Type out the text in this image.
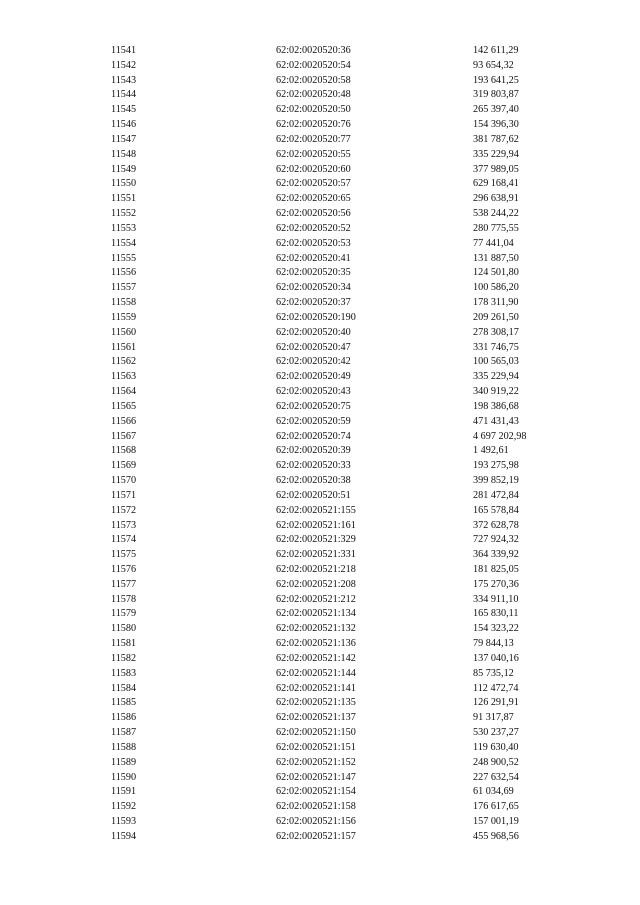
11541	62:02:0020520:36	142 611,29
11542	62:02:0020520:54	93 654,32
11543	62:02:0020520:58	193 641,25
11544	62:02:0020520:48	319 803,87
11545	62:02:0020520:50	265 397,40
11546	62:02:0020520:76	154 396,30
11547	62:02:0020520:77	381 787,62
11548	62:02:0020520:55	335 229,94
11549	62:02:0020520:60	377 989,05
11550	62:02:0020520:57	629 168,41
11551	62:02:0020520:65	296 638,91
11552	62:02:0020520:56	538 244,22
11553	62:02:0020520:52	280 775,55
11554	62:02:0020520:53	77 441,04
11555	62:02:0020520:41	131 887,50
11556	62:02:0020520:35	124 501,80
11557	62:02:0020520:34	100 586,20
11558	62:02:0020520:37	178 311,90
11559	62:02:0020520:190	209 261,50
11560	62:02:0020520:40	278 308,17
11561	62:02:0020520:47	331 746,75
11562	62:02:0020520:42	100 565,03
11563	62:02:0020520:49	335 229,94
11564	62:02:0020520:43	340 919,22
11565	62:02:0020520:75	198 386,68
11566	62:02:0020520:59	471 431,43
11567	62:02:0020520:74	4 697 202,98
11568	62:02:0020520:39	1 492,61
11569	62:02:0020520:33	193 275,98
11570	62:02:0020520:38	399 852,19
11571	62:02:0020520:51	281 472,84
11572	62:02:0020521:155	165 578,84
11573	62:02:0020521:161	372 628,78
11574	62:02:0020521:329	727 924,32
11575	62:02:0020521:331	364 339,92
11576	62:02:0020521:218	181 825,05
11577	62:02:0020521:208	175 270,36
11578	62:02:0020521:212	334 911,10
11579	62:02:0020521:134	165 830,11
11580	62:02:0020521:132	154 323,22
11581	62:02:0020521:136	79 844,13
11582	62:02:0020521:142	137 040,16
11583	62:02:0020521:144	85 735,12
11584	62:02:0020521:141	112 472,74
11585	62:02:0020521:135	126 291,91
11586	62:02:0020521:137	91 317,87
11587	62:02:0020521:150	530 237,27
11588	62:02:0020521:151	119 630,40
11589	62:02:0020521:152	248 900,52
11590	62:02:0020521:147	227 632,54
11591	62:02:0020521:154	61 034,69
11592	62:02:0020521:158	176 617,65
11593	62:02:0020521:156	157 001,19
11594	62:02:0020521:157	455 968,56
